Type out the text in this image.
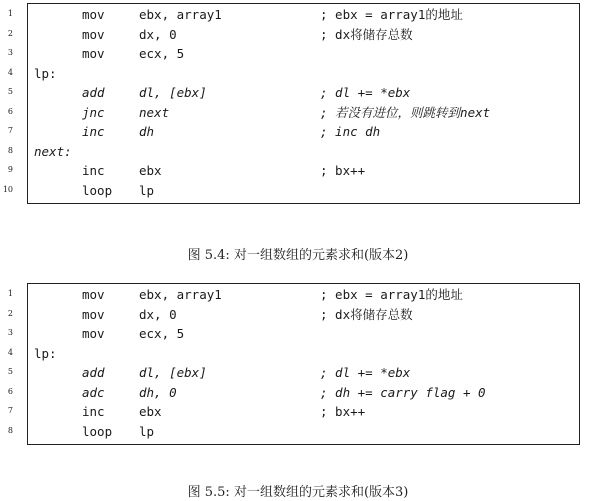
1	mov	ebx, array1	; ebx = array1的地址
2	mov	dx, 0	; dx将储存总数
3	mov	ecx, 5
4 lp:
5	add	dl, [ebx]	; dl += *ebx
6	jnc	next	; 若没有进位，则跳转到next
7	inc	dh	; inc dh
8 next:
9	inc	ebx	; bx++
10	loop lp
图 5.4: 对一组数组的元素求和(版本2)
1	mov	ebx, array1	; ebx = array1的地址
2	mov	dx, 0	; dx将储存总数
3	mov	ecx, 5
4 lp:
5	add	dl, [ebx]	; dl += *ebx
6	adc	dh, 0	; dh += carry flag + 0
7	inc	ebx	; bx++
8	loop lp
图 5.5: 对一组数组的元素求和(版本3)
